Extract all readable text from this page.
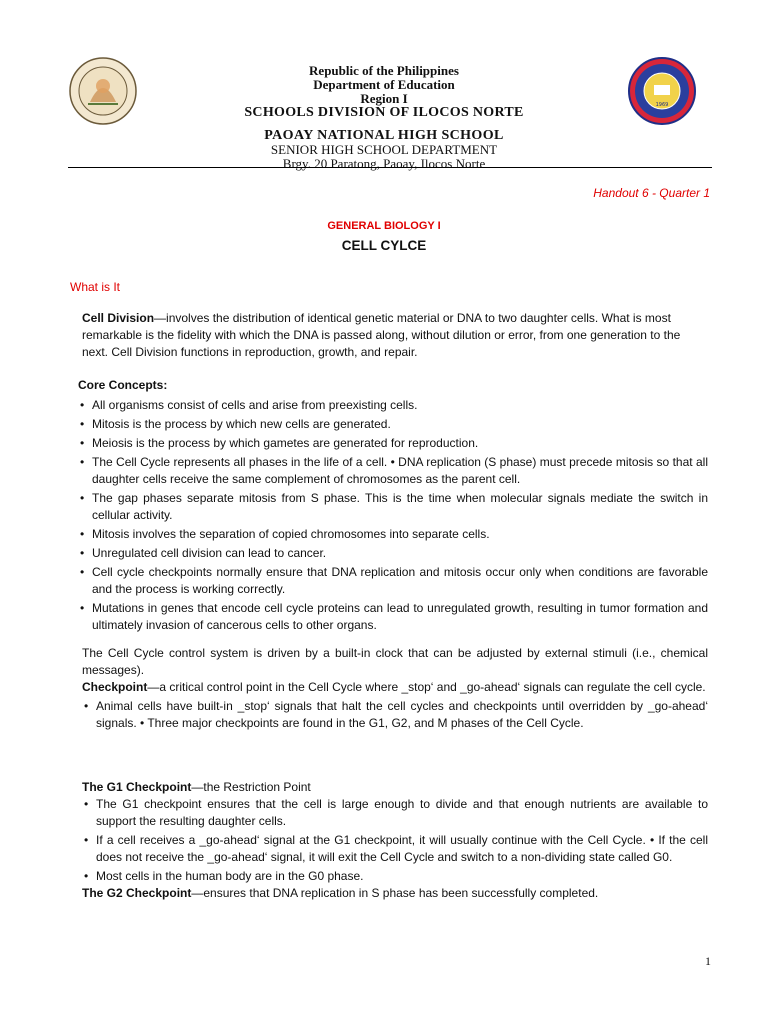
1969
Republic of the Philippines
Department of Education
Region I
SCHOOLS DIVISION OF ILOCOS NORTE
PAOAY NATIONAL HIGH SCHOOL
SENIOR HIGH SCHOOL DEPARTMENT
Brgy. 20 Paratong, Paoay, Ilocos Norte
Handout 6 - Quarter 1
GENERAL BIOLOGY I
CELL CYLCE
What is It

Cell Division—involves the distribution of identical genetic material or DNA to two daughter cells. What is most remarkable is the fidelity with which the DNA is passed along, without dilution or error, from one generation to the next. Cell Division functions in reproduction, growth, and repair.

Core Concepts:

• All organisms consist of cells and arise from preexisting cells.

• Mitosis is the process by which new cells are generated.

• Meiosis is the process by which gametes are generated for reproduction.

• The Cell Cycle represents all phases in the life of a cell. • DNA replication (S phase) must precede mitosis so that all daughter cells receive the same complement of chromosomes as the parent cell.

• The gap phases separate mitosis from S phase. This is the time when molecular signals mediate the switch in cellular activity.

• Mitosis involves the separation of copied chromosomes into separate cells.

• Unregulated cell division can lead to cancer.

• Cell cycle checkpoints normally ensure that DNA replication and mitosis occur only when conditions are favorable and the process is working correctly.

• Mutations in genes that encode cell cycle proteins can lead to unregulated growth, resulting in tumor formation and ultimately invasion of cancerous cells to other organs.

The Cell Cycle control system is driven by a built-in clock that can be adjusted by external stimuli (i.e., chemical messages).

Checkpoint—a critical control point in the Cell Cycle where _stop‘ and _go-ahead‘ signals can regulate the cell cycle.

• Animal cells have built-in _stop‘ signals that halt the cell cycles and checkpoints until overridden by _go-ahead‘ signals. • Three major checkpoints are found in the G1, G2, and M phases of the Cell Cycle.

The G1 Checkpoint—the Restriction Point

• The G1 checkpoint ensures that the cell is large enough to divide and that enough nutrients are available to support the resulting daughter cells.

• If a cell receives a _go-ahead‘ signal at the G1 checkpoint, it will usually continue with the Cell Cycle. • If the cell does not receive the _go-ahead‘ signal, it will exit the Cell Cycle and switch to a non-dividing state called G0.

• Most cells in the human body are in the G0 phase.

The G2 Checkpoint—ensures that DNA replication in S phase has been successfully completed.

1
